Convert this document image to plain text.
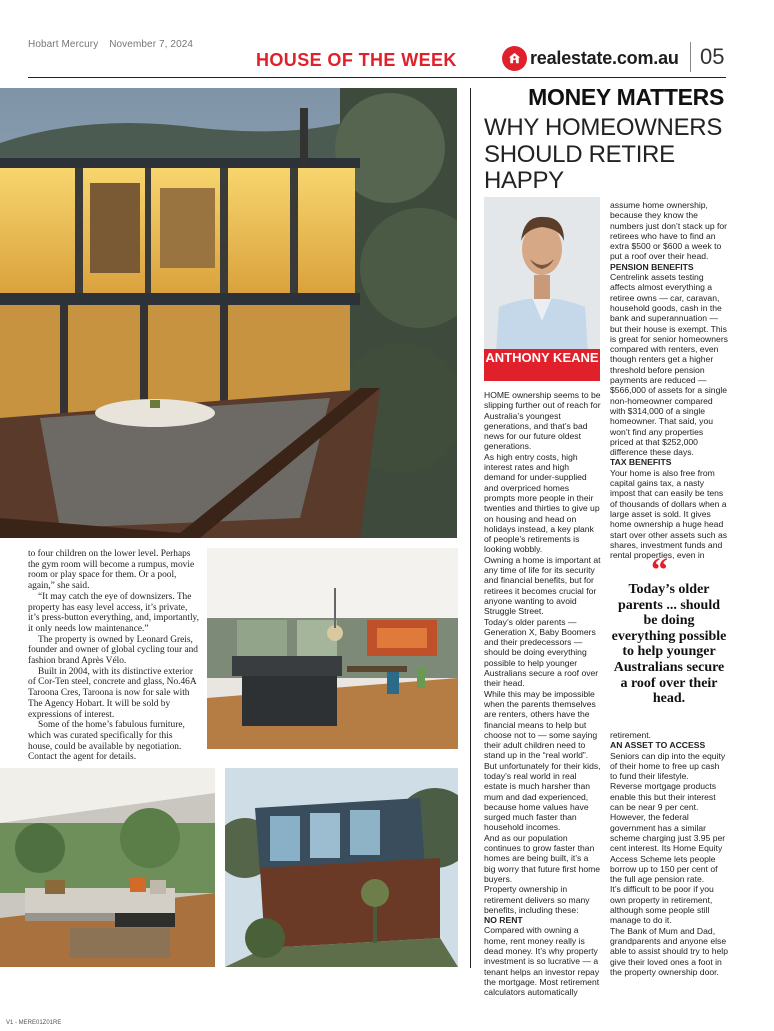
Hobart Mercury November 7, 2024
HOUSE OF THE WEEK	realestate.com.au 05

to four children on the lower level. Perhaps the gym room will become a rumpus, movie room or play space for them. Or a pool, again,” she said.

“It may catch the eye of downsizers. The property has easy level access, it’s private, it’s press-button everything, and, importantly, it only needs low maintenance.”

The property is owned by Leonard Greis, founder and owner of global cycling tour and fashion brand Après Vélo.

Built in 2004, with its distinctive exterior of Cor-Ten steel, concrete and glass, No.46A Taroona Cres, Taroona is now for sale with The Agency Hobart. It will be sold by expressions of interest.

Some of the home’s fabulous furniture, which was curated specifically for this house, could be available by negotiation. Contact the agent for details.

MONEY MATTERS
WHY HOMEOWNERS SHOULD RETIRE HAPPY
ANTHONY KEANE

HOME ownership seems to be slipping further out of reach for Australia’s youngest generations, and that’s bad news for our future oldest generations.

As high entry costs, high interest rates and high demand for under-supplied and overpriced homes prompts more people in their twenties and thirties to give up on housing and head on holidays instead, a key plank of people’s retirements is looking wobbly.

Owning a home is important at any time of life for its security and financial benefits, but for retirees it becomes crucial for anyone wanting to avoid Struggle Street.

Today’s older parents — Generation X, Baby Boomers and their predecessors — should be doing everything possible to help younger Australians secure a roof over their head.

While this may be impossible when the parents themselves are renters, others have the financial means to help but choose not to — some saying their adult children need to stand up in the “real world”.

But unfortunately for their kids, today’s real world in real estate is much harsher than mum and dad experienced, because home values have surged much faster than household incomes.

And as our population continues to grow faster than homes are being built, it’s a big worry that future first home buyers.

Property ownership in retirement delivers so many benefits, including these:

NO RENT

Compared with owning a home, rent money really is dead money. It’s why property investment is so lucrative — a tenant helps an investor repay the mortgage. Most retirement calculators automatically

assume home ownership, because they know the numbers just don’t stack up for retirees who have to find an extra $500 or $600 a week to put a roof over their head.

PENSION BENEFITS

Centrelink assets testing affects almost everything a retiree owns — car, caravan, household goods, cash in the bank and superannuation — but their house is exempt. This is great for senior homeowners compared with renters, even though renters get a higher threshold before pension payments are reduced — $566,000 of assets for a single non-homeowner compared with $314,000 of a single homeowner. That said, you won’t find any properties priced at that $252,000 difference these days.

TAX BENEFITS

Your home is also free from capital gains tax, a nasty impost that can easily be tens of thousands of dollars when a large asset is sold. It gives home ownership a huge head start over other assets such as shares, investment funds and rental properties, even in

“
Today’s older parents ... should be doing everything possible to help younger Australians secure a roof over their head.

retirement.

AN ASSET TO ACCESS

Seniors can dip into the equity of their home to free up cash to fund their lifestyle.

Reverse mortgage products enable this but their interest can be near 9 per cent. However, the federal government has a similar scheme charging just 3.95 per cent interest. Its Home Equity Access Scheme lets people borrow up to 150 per cent of the full age pension rate.

It’s difficult to be poor if you own property in retirement, although some people still manage to do it.

The Bank of Mum and Dad, grandparents and anyone else able to assist should try to help give their loved ones a foot in the property ownership door.

V1 - MERE01Z01RE
